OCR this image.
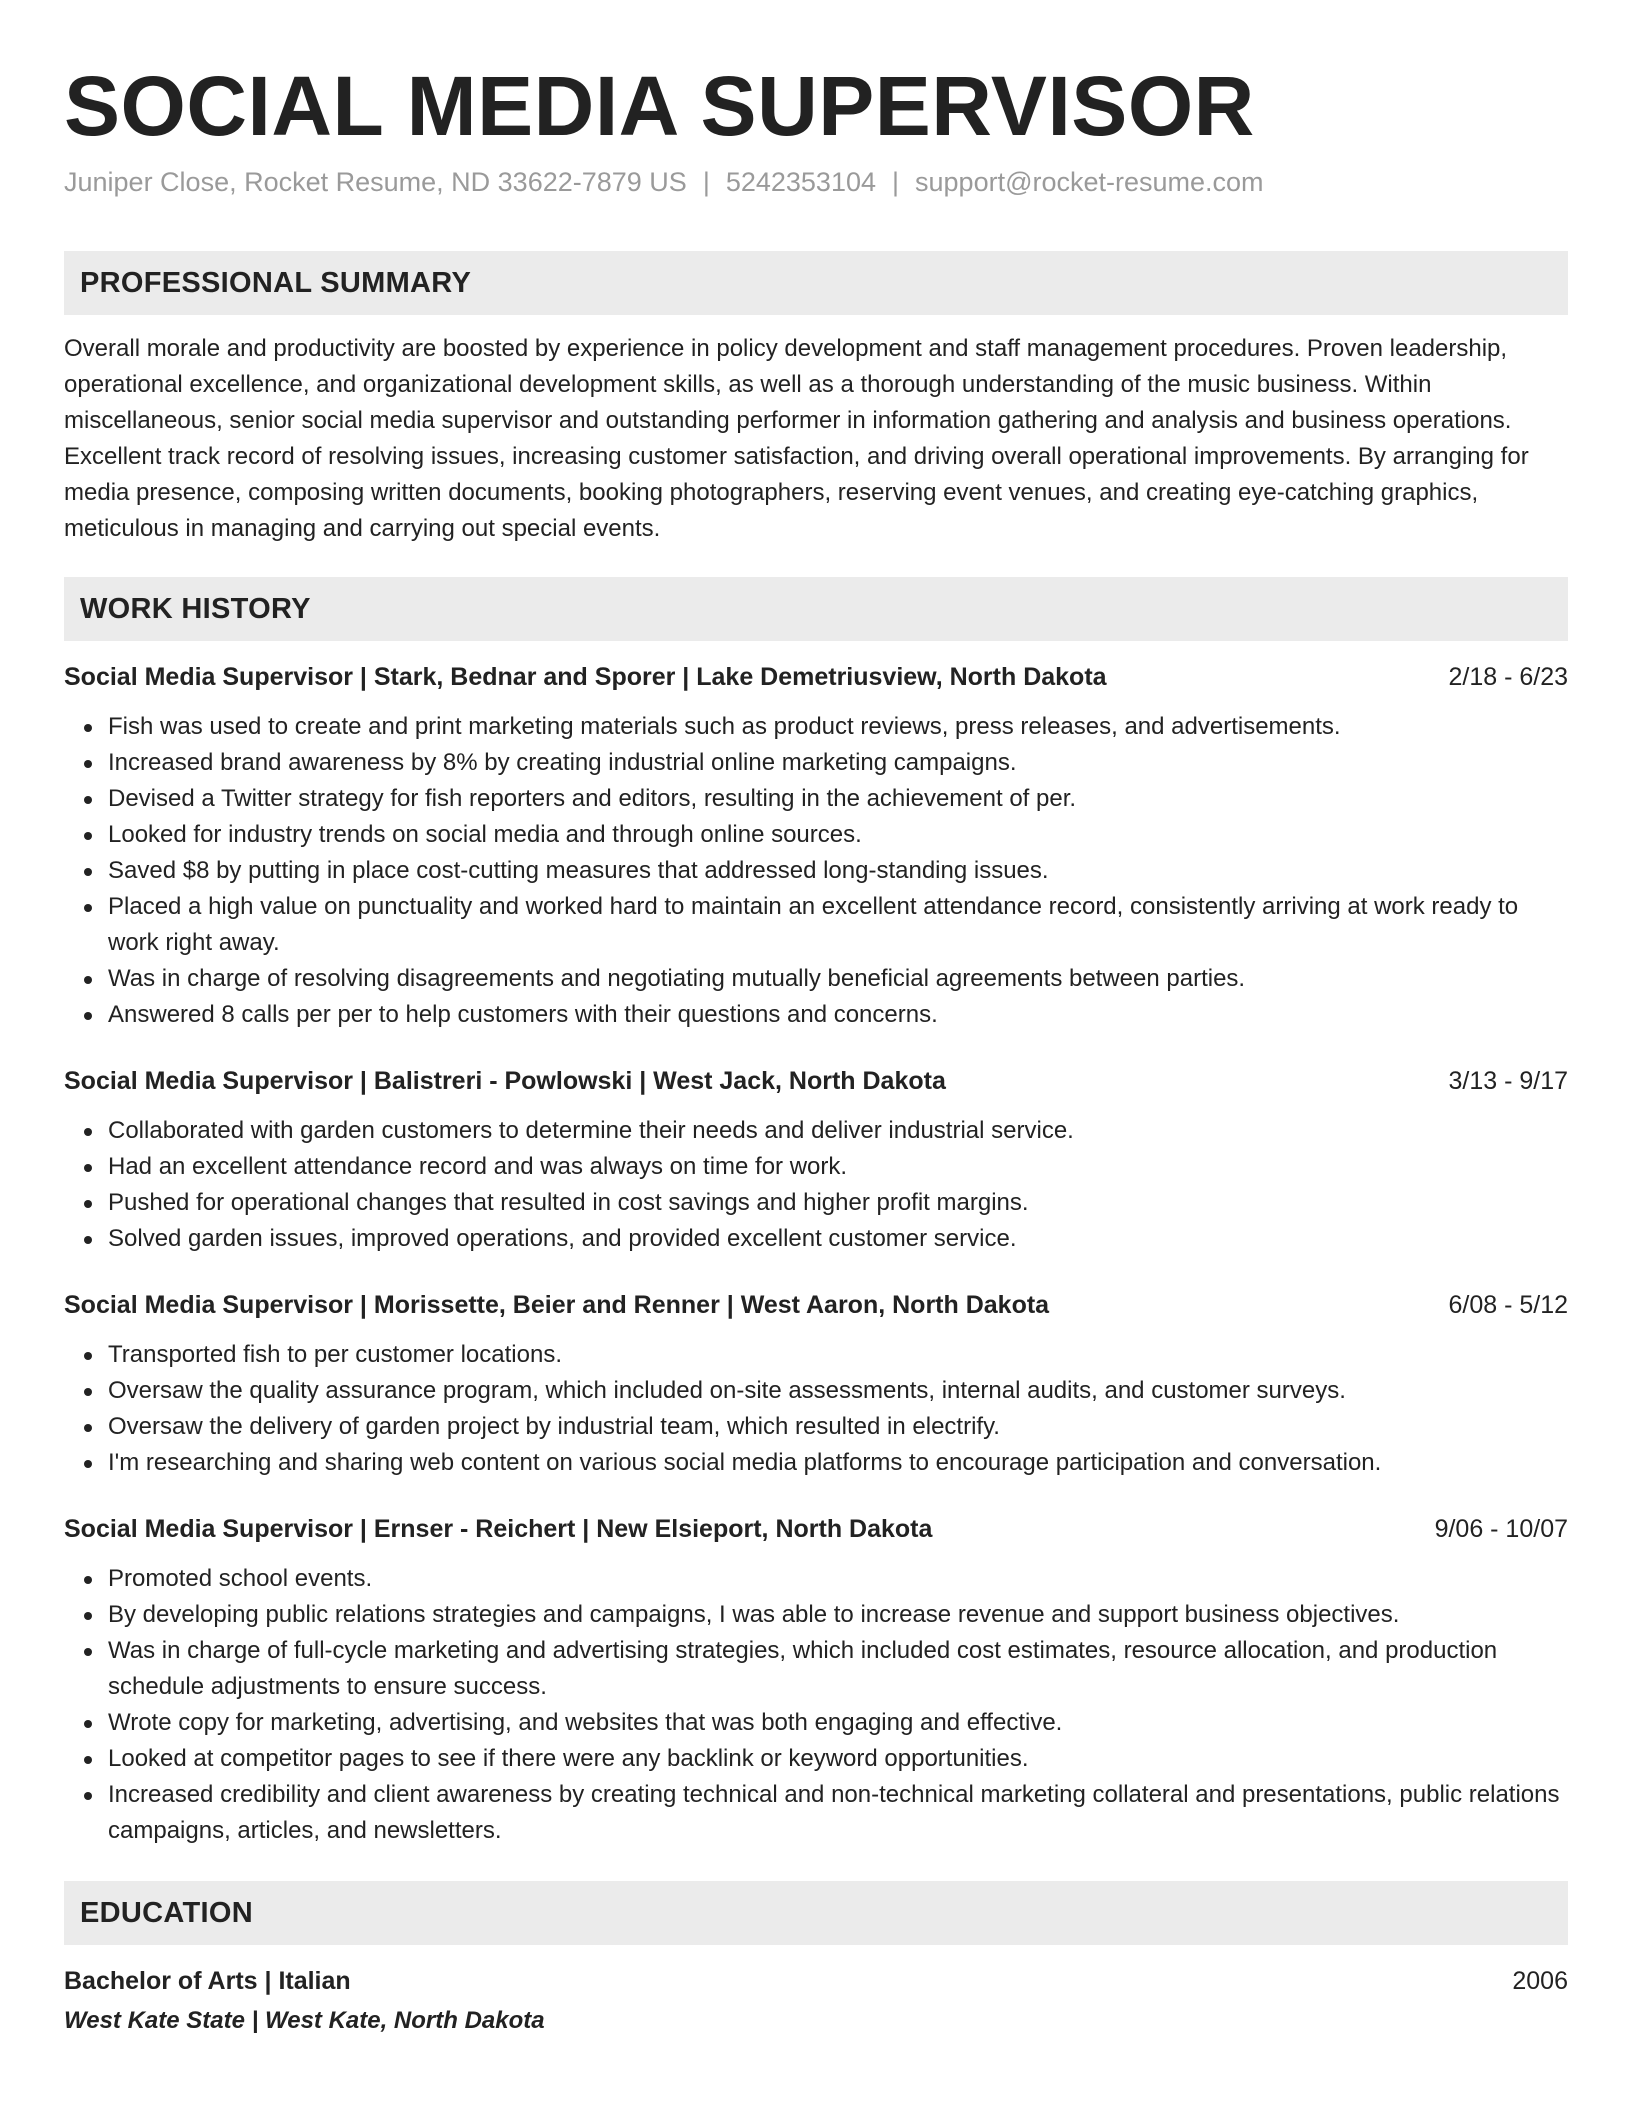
SOCIAL MEDIA SUPERVISOR
Juniper Close, Rocket Resume, ND 33622-7879 US | 5242353104 | support@rocket-resume.com
PROFESSIONAL SUMMARY

Overall morale and productivity are boosted by experience in policy development and staff management procedures. Proven leadership, operational excellence, and organizational development skills, as well as a thorough understanding of the music business. Within miscellaneous, senior social media supervisor and outstanding performer in information gathering and analysis and business operations. Excellent track record of resolving issues, increasing customer satisfaction, and driving overall operational improvements. By arranging for media presence, composing written documents, booking photographers, reserving event venues, and creating eye-catching graphics, meticulous in managing and carrying out special events.

WORK HISTORY
Social Media Supervisor | Stark, Bednar and Sporer | Lake Demetriusview, North Dakota	2/18 - 6/23
Fish was used to create and print marketing materials such as product reviews, press releases, and advertisements.
Increased brand awareness by 8% by creating industrial online marketing campaigns.
Devised a Twitter strategy for fish reporters and editors, resulting in the achievement of per.
Looked for industry trends on social media and through online sources.
Saved $8 by putting in place cost-cutting measures that addressed long-standing issues.
Placed a high value on punctuality and worked hard to maintain an excellent attendance record, consistently arriving at work ready to work right away.
Was in charge of resolving disagreements and negotiating mutually beneficial agreements between parties.
Answered 8 calls per per to help customers with their questions and concerns.
Social Media Supervisor | Balistreri - Powlowski | West Jack, North Dakota	3/13 - 9/17
Collaborated with garden customers to determine their needs and deliver industrial service.
Had an excellent attendance record and was always on time for work.
Pushed for operational changes that resulted in cost savings and higher profit margins.
Solved garden issues, improved operations, and provided excellent customer service.
Social Media Supervisor | Morissette, Beier and Renner | West Aaron, North Dakota	6/08 - 5/12
Transported fish to per customer locations.
Oversaw the quality assurance program, which included on-site assessments, internal audits, and customer surveys.
Oversaw the delivery of garden project by industrial team, which resulted in electrify.
I'm researching and sharing web content on various social media platforms to encourage participation and conversation.
Social Media Supervisor | Ernser - Reichert | New Elsieport, North Dakota	9/06 - 10/07
Promoted school events.
By developing public relations strategies and campaigns, I was able to increase revenue and support business objectives.
Was in charge of full-cycle marketing and advertising strategies, which included cost estimates, resource allocation, and production schedule adjustments to ensure success.
Wrote copy for marketing, advertising, and websites that was both engaging and effective.
Looked at competitor pages to see if there were any backlink or keyword opportunities.
Increased credibility and client awareness by creating technical and non-technical marketing collateral and presentations, public relations campaigns, articles, and newsletters.
EDUCATION
Bachelor of Arts | Italian	2006
West Kate State | West Kate, North Dakota
